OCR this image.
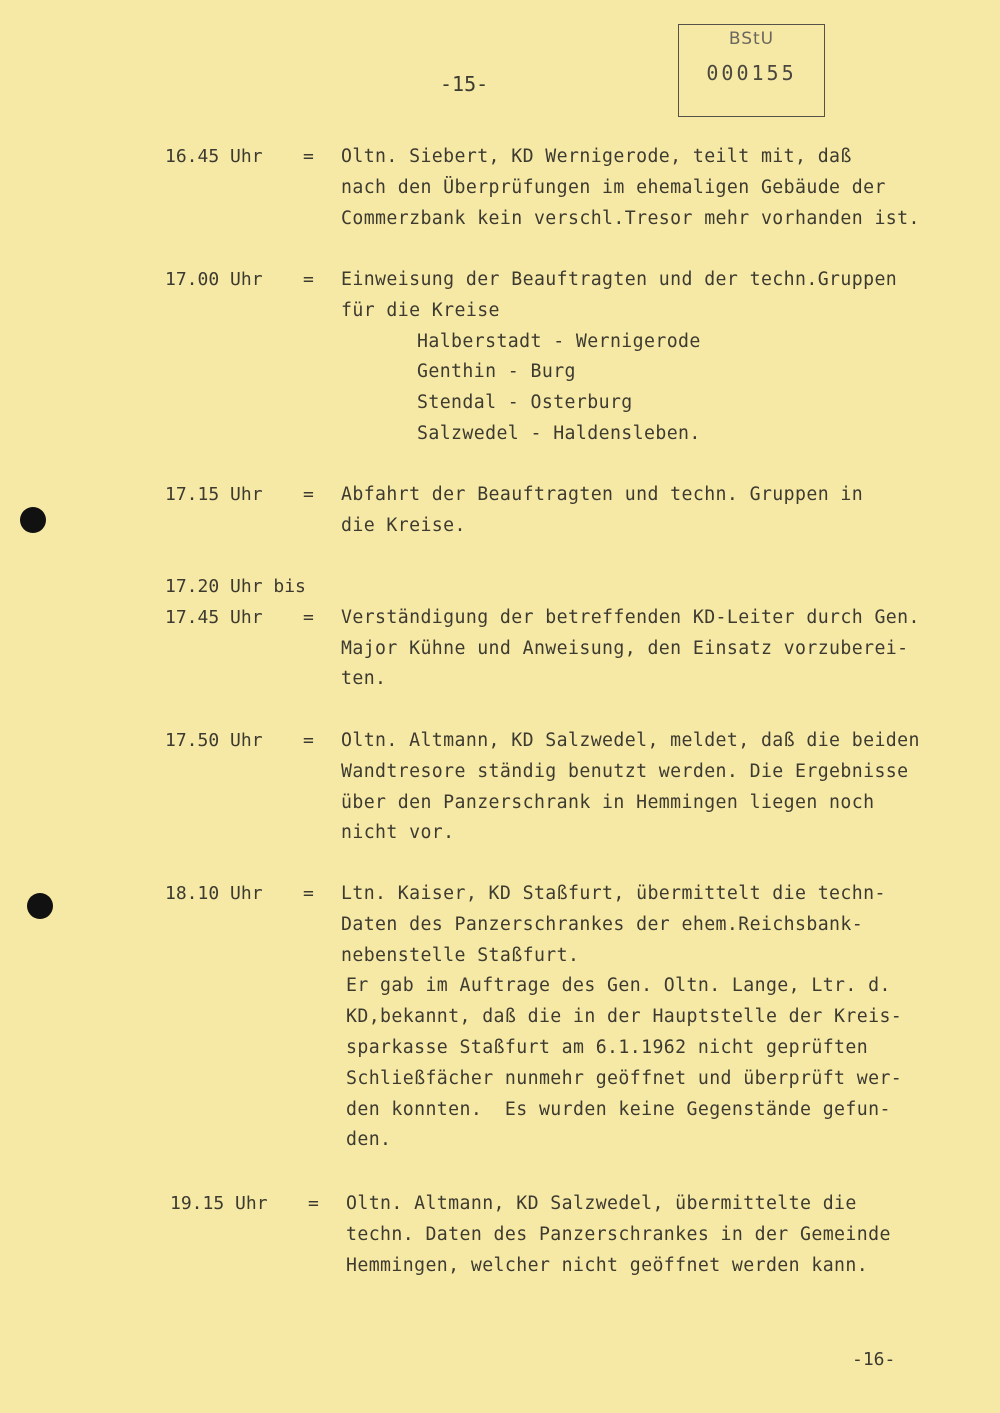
BStU
000155
-15-
16.45 Uhr	= Oltn. Siebert, KD Wernigerode, teilt mit, daß
nach den Überprüfungen im ehemaligen Gebäude der
Commerzbank kein verschl.Tresor mehr vorhanden ist.
17.00 Uhr	= Einweisung der Beauftragten und der techn.Gruppen
für die Kreise
Halberstadt - Wernigerode
Genthin - Burg
Stendal - Osterburg
Salzwedel - Haldensleben.
17.15 Uhr	= Abfahrt der Beauftragten und techn. Gruppen in
die Kreise.
17.20 Uhr bis
17.45 Uhr	= Verständigung der betreffenden KD-Leiter durch Gen.
Major Kühne und Anweisung, den Einsatz vorzuberei-
ten.
17.50 Uhr	= Oltn. Altmann, KD Salzwedel, meldet, daß die beiden
Wandtresore ständig benutzt werden. Die Ergebnisse
über den Panzerschrank in Hemmingen liegen noch
nicht vor.
18.10 Uhr	= Ltn. Kaiser, KD Staßfurt, übermittelt die techn-
Daten des Panzerschrankes der ehem.Reichsbank-
nebenstelle Staßfurt.
Er gab im Auftrage des Gen. Oltn. Lange, Ltr. d.
KD,bekannt, daß die in der Hauptstelle der Kreis-
sparkasse Staßfurt am 6.1.1962 nicht geprüften
Schließfächer nunmehr geöffnet und überprüft wer-
den konnten.  Es wurden keine Gegenstände gefun-
den.
19.15 Uhr	= Oltn. Altmann, KD Salzwedel, übermittelte die
techn. Daten des Panzerschrankes in der Gemeinde
Hemmingen, welcher nicht geöffnet werden kann.
-16-
